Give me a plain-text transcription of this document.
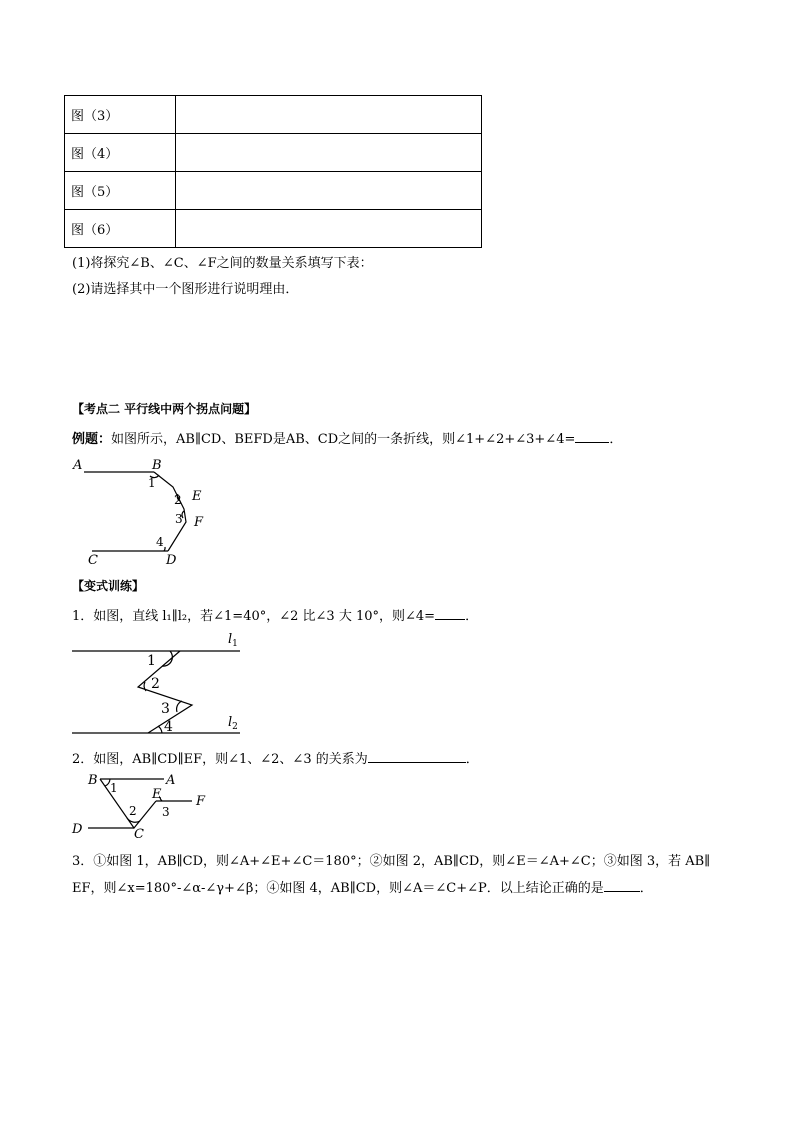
图（3）	
图（4）	
图（5）	
图（6）	
(1)将探究∠B、∠C、∠F之间的数量关系填写下表：
(2)请选择其中一个图形进行说明理由．
【考点二 平行线中两个拐点问题】
例题：如图所示，AB∥CD、BEFD是AB、CD之间的一条折线，则∠1+∠2+∠3+∠4=	．
A	B
E
F
C	D
1
2
3
4
【变式训练】
1．如图，直线 l₁∥l₂，若∠1=40°，∠2 比∠3 大 10°，则∠4= ．
$l_1$
$l_2$
1
2
3
4
2．如图，AB∥CD∥EF，则∠1、∠2、∠3 的关系为	．
B	A
E	F
D	C
1
2 3
3．①如图 1，AB∥CD，则∠A+∠E+∠C＝180°；②如图 2，AB∥CD，则∠E＝∠A+∠C；③如图 3，若 AB∥
EF，则∠x=180°-∠α-∠γ+∠β；④如图 4，AB∥CD，则∠A＝∠C+∠P．以上结论正确的是	．
